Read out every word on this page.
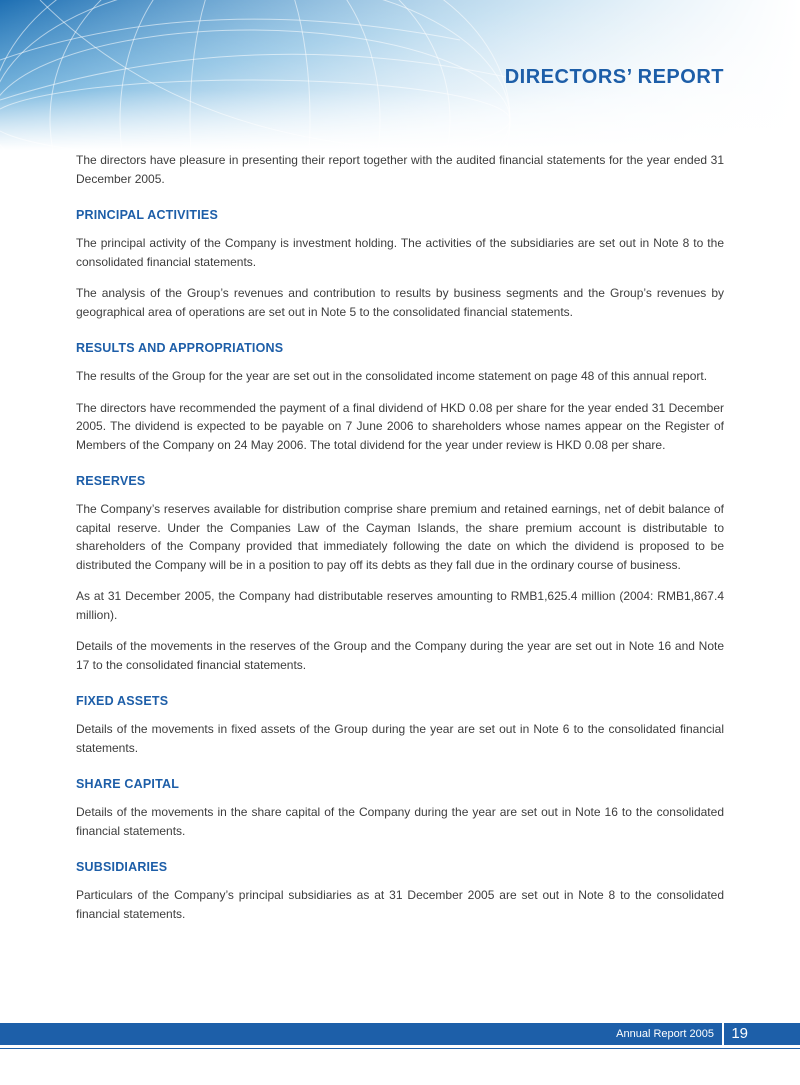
DIRECTORS’ REPORT

The directors have pleasure in presenting their report together with the audited financial statements for the year ended 31 December 2005.

PRINCIPAL ACTIVITIES

The principal activity of the Company is investment holding. The activities of the subsidiaries are set out in Note 8 to the consolidated financial statements.

The analysis of the Group’s revenues and contribution to results by business segments and the Group’s revenues by geographical area of operations are set out in Note 5 to the consolidated financial statements.

RESULTS AND APPROPRIATIONS

The results of the Group for the year are set out in the consolidated income statement on page 48 of this annual report.

The directors have recommended the payment of a final dividend of HKD 0.08 per share for the year ended 31 December 2005. The dividend is expected to be payable on 7 June 2006 to shareholders whose names appear on the Register of Members of the Company on 24 May 2006. The total dividend for the year under review is HKD 0.08 per share.

RESERVES

The Company’s reserves available for distribution comprise share premium and retained earnings, net of debit balance of capital reserve. Under the Companies Law of the Cayman Islands, the share premium account is distributable to shareholders of the Company provided that immediately following the date on which the dividend is proposed to be distributed the Company will be in a position to pay off its debts as they fall due in the ordinary course of business.

As at 31 December 2005, the Company had distributable reserves amounting to RMB1,625.4 million (2004: RMB1,867.4 million).

Details of the movements in the reserves of the Group and the Company during the year are set out in Note 16 and Note 17 to the consolidated financial statements.

FIXED ASSETS

Details of the movements in fixed assets of the Group during the year are set out in Note 6 to the consolidated financial statements.

SHARE CAPITAL

Details of the movements in the share capital of the Company during the year are set out in Note 16 to the consolidated financial statements.

SUBSIDIARIES

Particulars of the Company’s principal subsidiaries as at 31 December 2005 are set out in Note 8 to the consolidated financial statements.

Annual Report 2005 19
